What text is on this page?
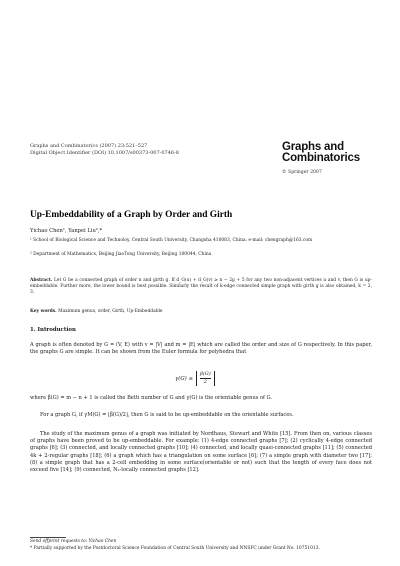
Graphs and Combinatorics (2007) 23:521–527
Digital Object Identifier (DOI) 10.1007/s00373-007-0746-8	Graphs and
Combinatorics
© Springer 2007
Up-Embeddability of a Graph by Order and Girth
Yichao Chen¹, Yanpei Liu²,*
¹ School of Biological Science and Technoloy, Central South University, Changsha 410083, China. e-mail: chengraph@163.com
² Department of Mathematics, Beijing JiaoTong University, Beijing 100044, China
Abstract. Let G be a connected graph of order n and girth g. If d_G(u) + d_G(v) ≥ n − 2g + 5 for any two non-adjacent vertices u and v, then G is up-embeddable. Further more, the lower bound is best possible. Similarly the result of k-edge connected simple graph with girth g is also obtained, k = 2, 3.
Key words. Maximum genus, order, Girth, Up-Embeddable
1. Introduction
A graph is often denoted by G = (V, E) with v = |V| and m = |E| which are called the order and size of G respectively. In this paper, the graphs G are simple. It can be shown from the Euler formula for polyhedra that
$\gamma(G) \le \frac{\beta(G)}{2}$
where β(G) = m − n + 1 is called the Betti number of G and γ(G) is the orientable genus of G.
For a graph G, if γM(G) = ⌊β(G)/2⌋, then G is said to be up-embeddable on the orientable surfaces.
The study of the maximum genus of a graph was initiated by Nordhaus, Stewart and White [15]. From then on, various classes of graphs have been proved to be up-embeddable. For example: (1) 4-edge connected graphs [7]; (2) cyclically 4-edge connected graphs [6]; (3) connected, and locally connected graphs [10]; (4) connected, and locally quasi-connected graphs [11]; (5) connected 4k + 2-regular graphs [18]; (6) a graph which has a triangulation on some surface [6]; (7) a simple graph with diameter two [17]; (8) a simple graph that has a 2-cell embedding in some surface(orientable or not) such that the length of every face does not exceed five [14]; (9) connected, N₂-locally connected graphs [12].
Send offprint requests to: Yichao Chen
* Partially supported by the Postdoctoral Science Foundation of Central South University and NNSFC under Grant No. 10751013.
